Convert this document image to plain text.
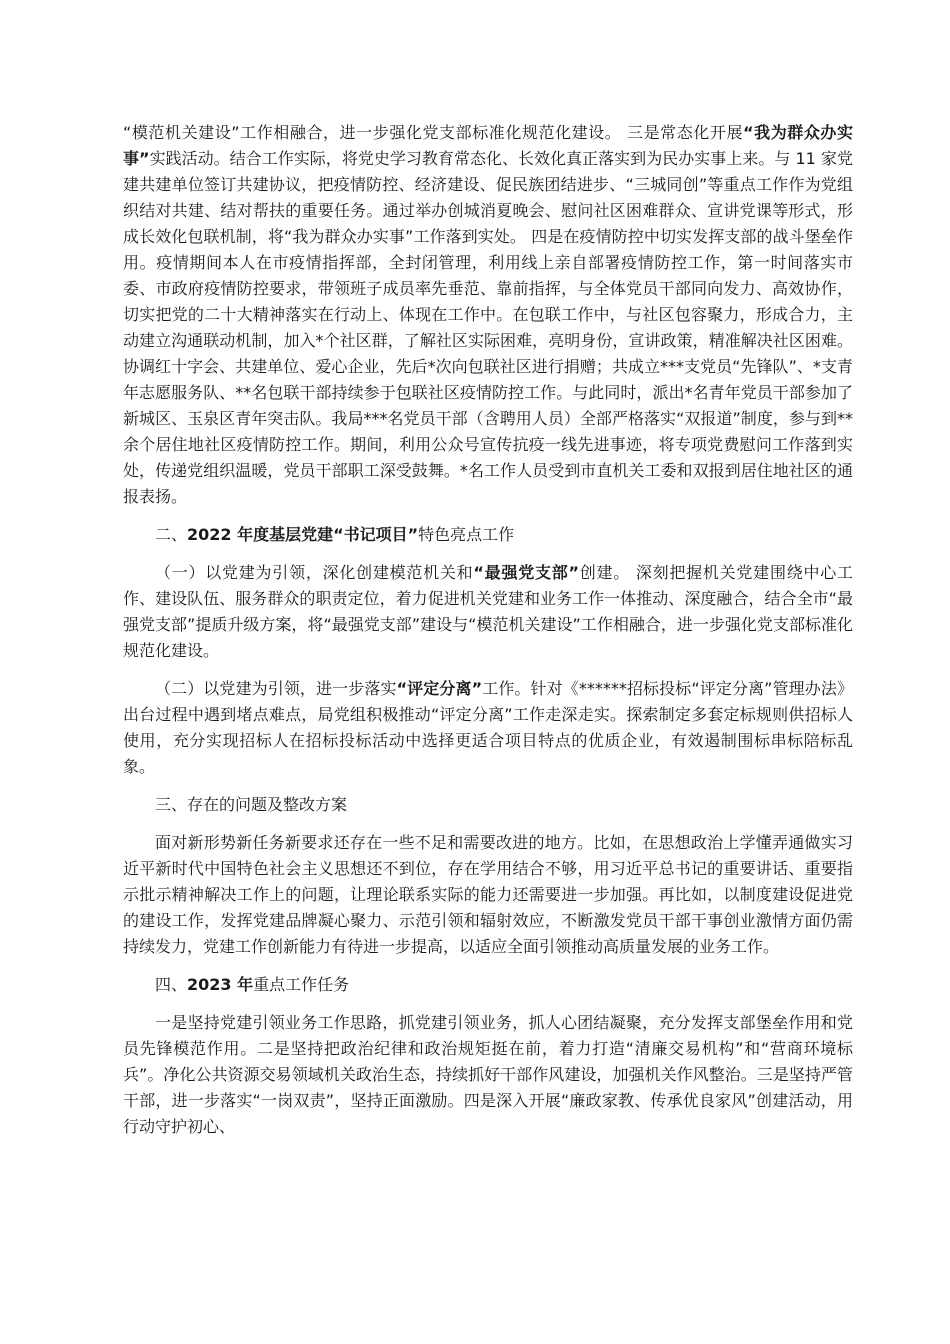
“模范机关建设”工作相融合，进一步强化党支部标准化规范化建设。 三是常态化开展“我为群众办实事”实践活动。结合工作实际，将党史学习教育常态化、长效化真正落实到为民办实事上来。与 11 家党建共建单位签订共建协议，把疫情防控、经济建设、促民族团结进步、“三城同创”等重点工作作为党组织结对共建、结对帮扶的重要任务。通过举办创城消夏晚会、慰问社区困难群众、宣讲党课等形式，形成长效化包联机制，将“我为群众办实事”工作落到实处。 四是在疫情防控中切实发挥支部的战斗堡垒作用。疫情期间本人在市疫情指挥部，全封闭管理，利用线上亲自部署疫情防控工作，第一时间落实市委、市政府疫情防控要求，带领班子成员率先垂范、靠前指挥，与全体党员干部同向发力、高效协作，切实把党的二十大精神落实在行动上、体现在工作中。在包联工作中，与社区包容聚力，形成合力，主动建立沟通联动机制，加入*个社区群，了解社区实际困难，亮明身份，宣讲政策，精准解决社区困难。协调红十字会、共建单位、爱心企业，先后*次向包联社区进行捐赠；共成立***支党员“先锋队”、*支青年志愿服务队、**名包联干部持续参于包联社区疫情防控工作。与此同时，派出*名青年党员干部参加了新城区、玉泉区青年突击队。我局***名党员干部（含聘用人员）全部严格落实“双报道”制度，参与到**余个居住地社区疫情防控工作。期间，利用公众号宣传抗疫一线先进事迹，将专项党费慰问工作落到实处，传递党组织温暖，党员干部职工深受鼓舞。*名工作人员受到市直机关工委和双报到居住地社区的通报表扬。

二、2022 年度基层党建“书记项目”特色亮点工作

（一）以党建为引领，深化创建模范机关和“最强党支部”创建。 深刻把握机关党建围绕中心工作、建设队伍、服务群众的职责定位，着力促进机关党建和业务工作一体推动、深度融合，结合全市“最强党支部”提质升级方案，将“最强党支部”建设与“模范机关建设”工作相融合，进一步强化党支部标准化规范化建设。

（二）以党建为引领，进一步落实“评定分离”工作。针对《******招标投标“评定分离”管理办法》出台过程中遇到堵点难点，局党组积极推动“评定分离”工作走深走实。探索制定多套定标规则供招标人使用，充分实现招标人在招标投标活动中选择更适合项目特点的优质企业，有效遏制围标串标陪标乱象。

三、存在的问题及整改方案

面对新形势新任务新要求还存在一些不足和需要改进的地方。比如，在思想政治上学懂弄通做实习近平新时代中国特色社会主义思想还不到位，存在学用结合不够，用习近平总书记的重要讲话、重要指示批示精神解决工作上的问题，让理论联系实际的能力还需要进一步加强。再比如，以制度建设促进党的建设工作，发挥党建品牌凝心聚力、示范引领和辐射效应，不断激发党员干部干事创业激情方面仍需持续发力，党建工作创新能力有待进一步提高，以适应全面引领推动高质量发展的业务工作。

四、2023 年重点工作任务

一是坚持党建引领业务工作思路，抓党建引领业务，抓人心团结凝聚，充分发挥支部堡垒作用和党员先锋模范作用。二是坚持把政治纪律和政治规矩挺在前，着力打造“清廉交易机构”和“营商环境标兵”。净化公共资源交易领域机关政治生态，持续抓好干部作风建设，加强机关作风整治。三是坚持严管干部，进一步落实“一岗双责”，坚持正面激励。四是深入开展“廉政家教、传承优良家风”创建活动，用行动守护初心、
